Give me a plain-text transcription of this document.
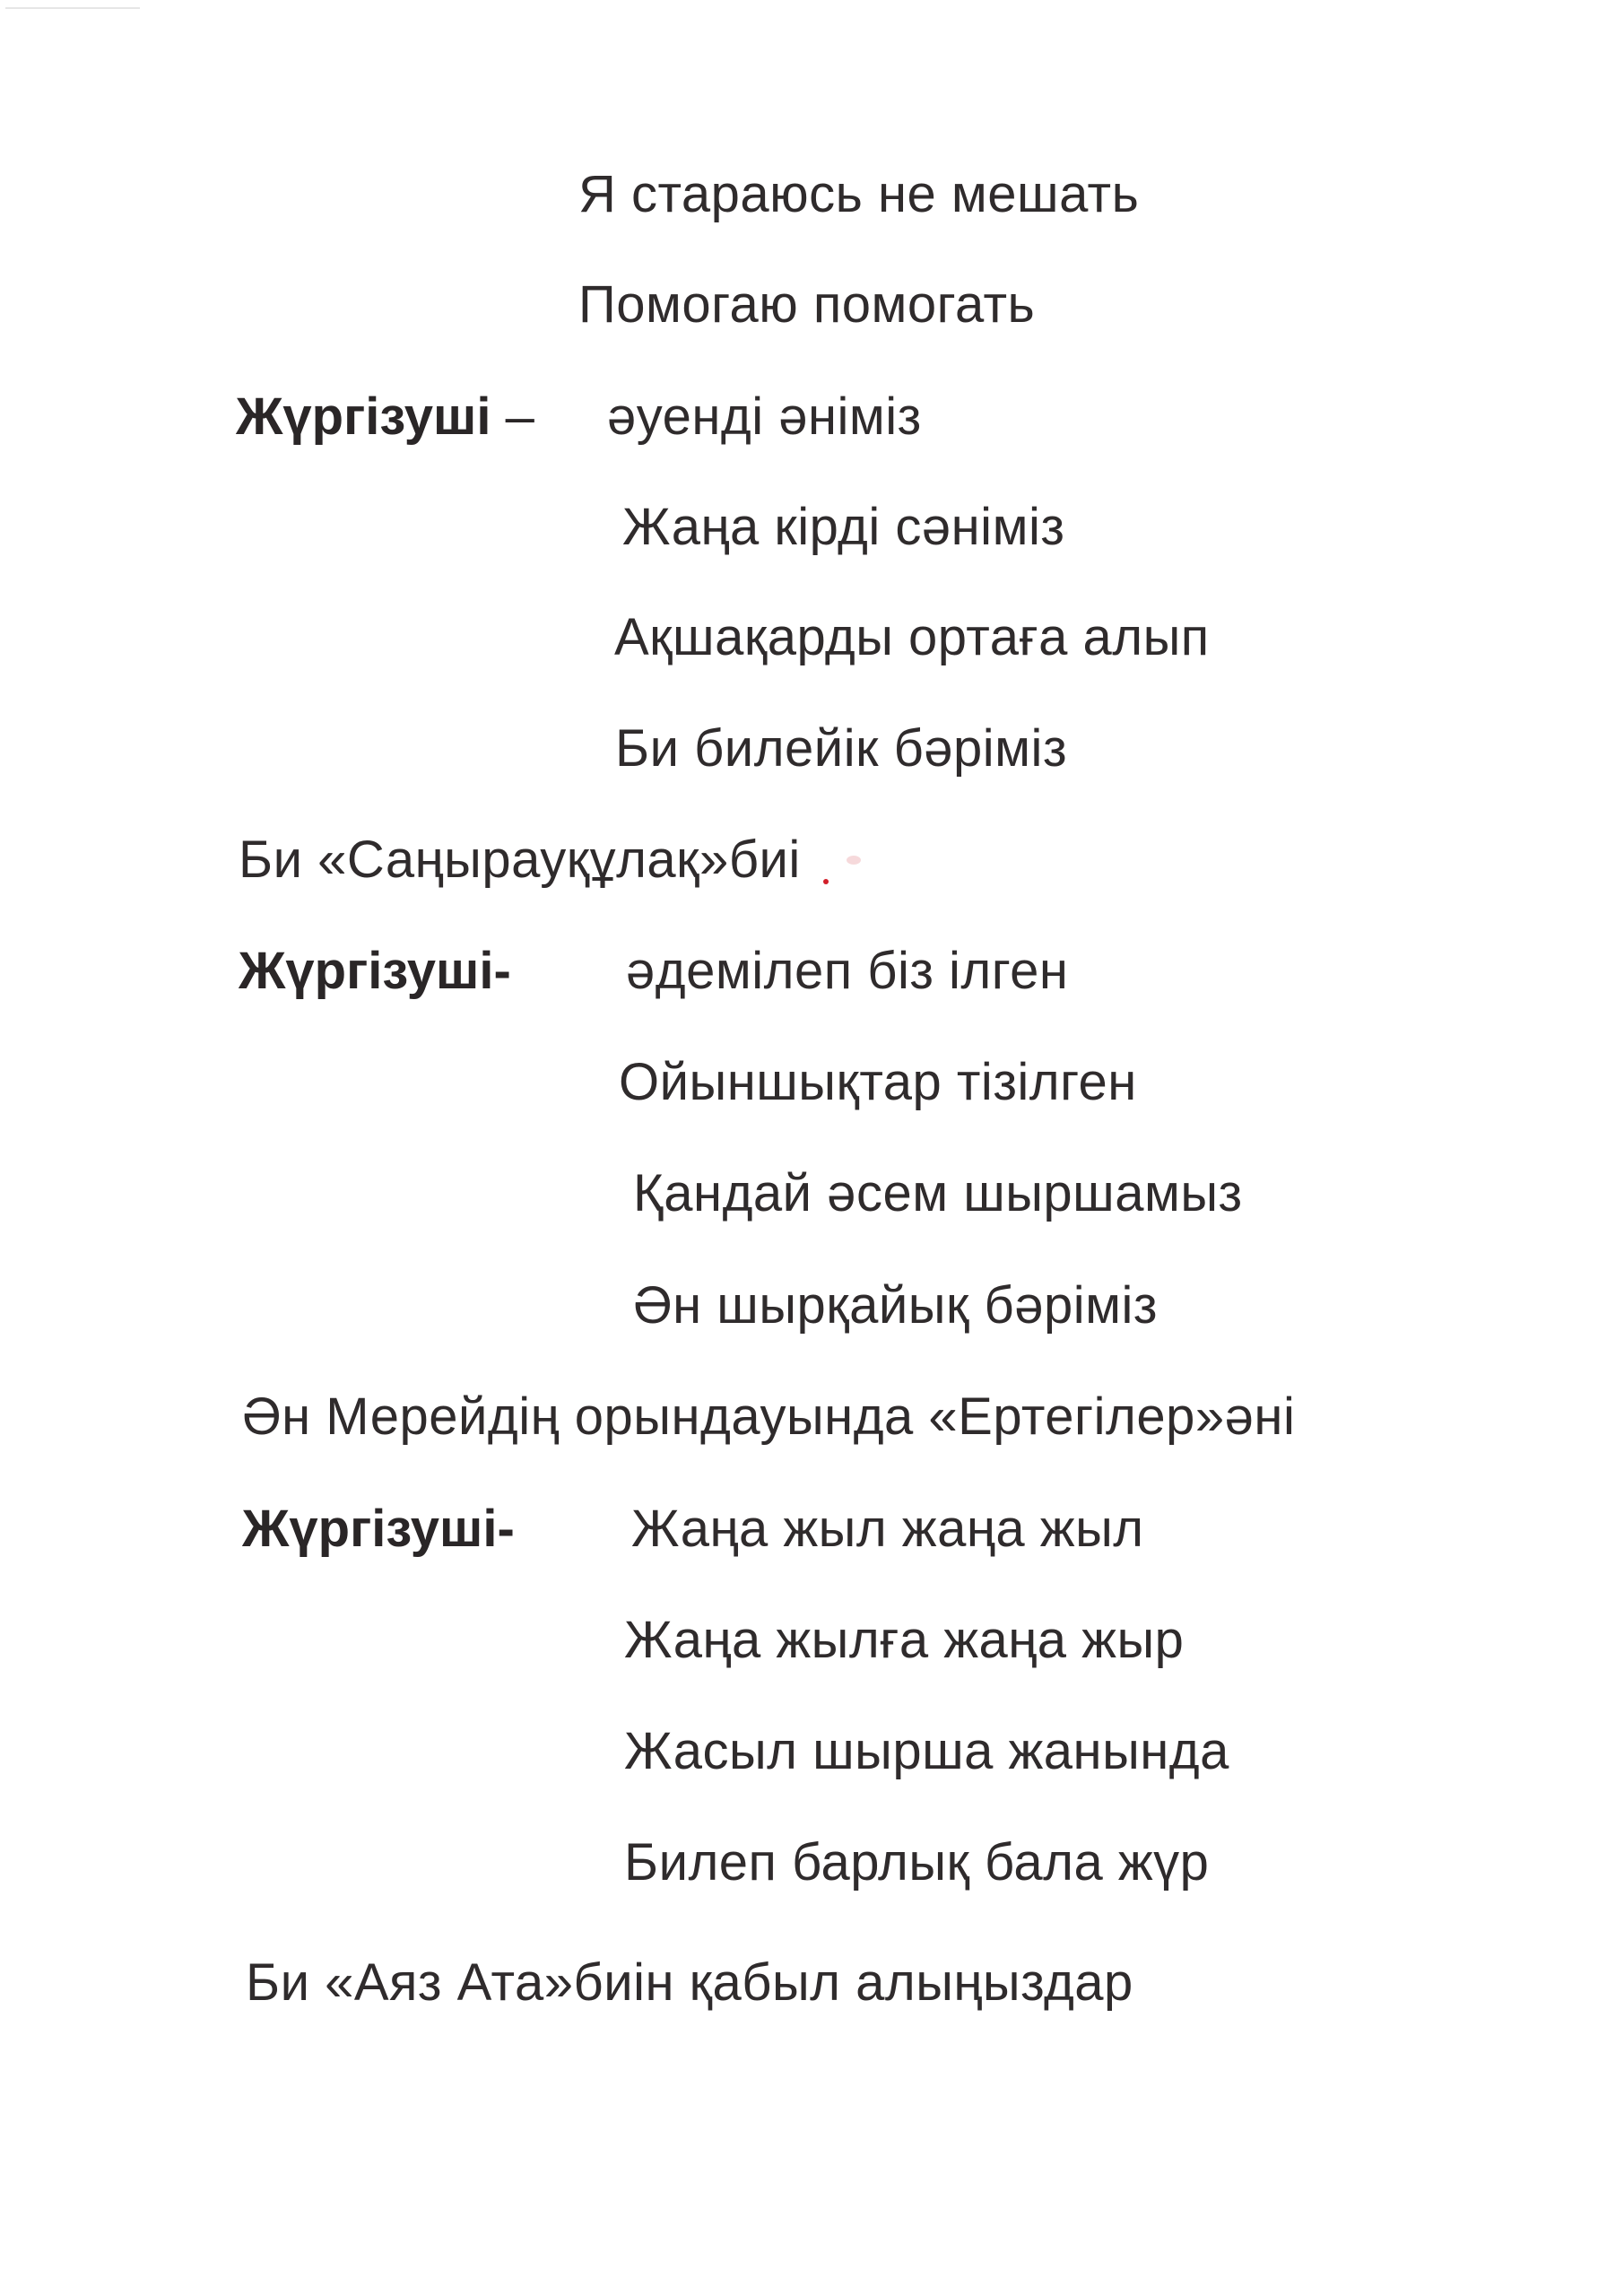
Я стараюсь не мешать
Помогаю помогать
Жүргізуші – әуенді әніміз
Жаңа кірді сәніміз
Ақшақарды ортаға алып
Би билейік бәріміз
Би «Саңырауқұлақ»биі
Жүргізуші- әдемілеп біз ілген
Ойыншықтар тізілген
Қандай әсем шыршамыз
Ән шырқайық бәріміз
Ән Мерейдің орындауында «Ертегілер»әні
Жүргізуші- Жаңа жыл жаңа жыл
Жаңа жылға жаңа жыр
Жасыл шырша жанында
Билеп барлық бала жүр
Би «Аяз Ата»биін қабыл алыңыздар
